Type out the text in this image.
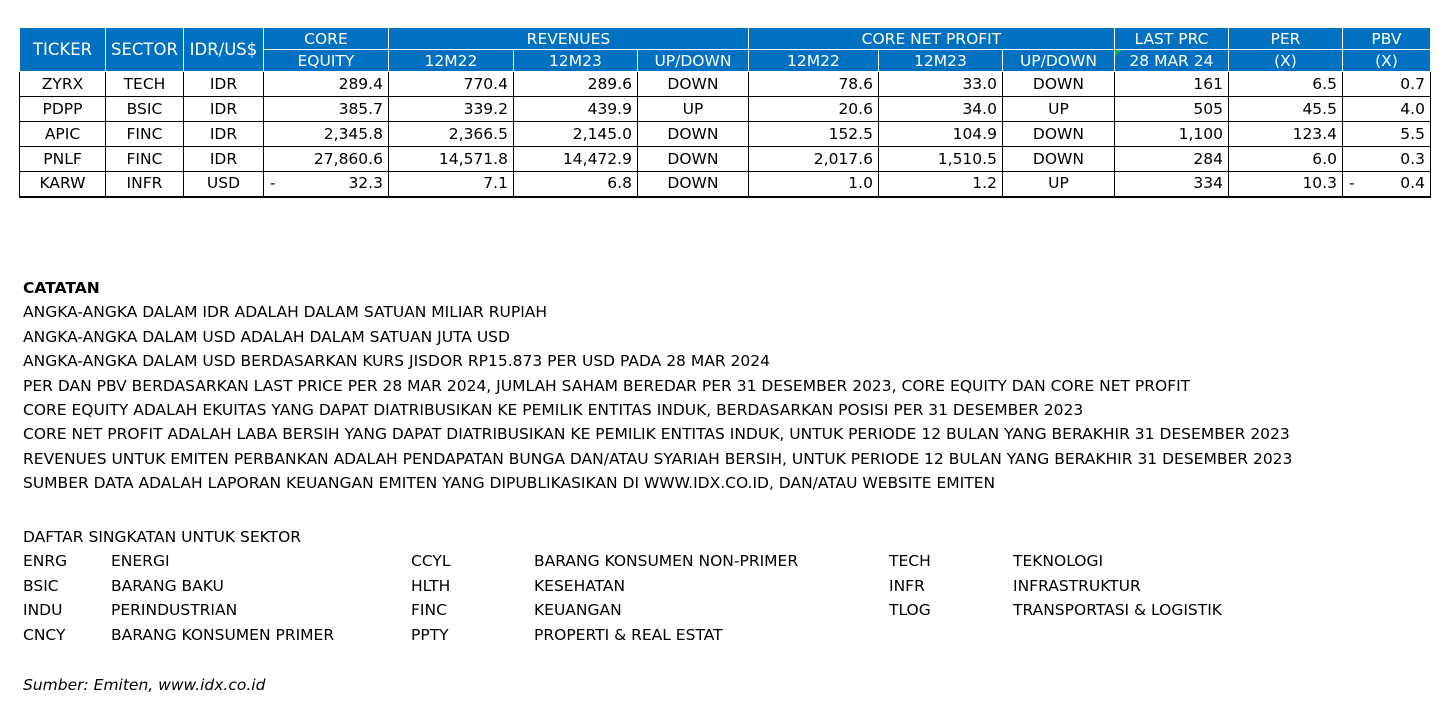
TICKER	SECTOR	IDR/US$	CORE	REVENUES			CORE NET PROFIT			LAST PRC	PER	PBV
			EQUITY	12M22	12M23	UP/DOWN	12M22	12M23	UP/DOWN	28 MAR 24	(X)	(X)
ZYRX	TECH	IDR	289.4	770.4	289.6	DOWN	78.6	33.0	DOWN	161	6.5	0.7
PDPP	BSIC	IDR	385.7	339.2	439.9	UP	20.6	34.0	UP	505	45.5	4.0
APIC	FINC	IDR	2,345.8	2,366.5	2,145.0	DOWN	152.5	104.9	DOWN	1,100	123.4	5.5
PNLF	FINC	IDR	27,860.6	14,571.8	14,472.9	DOWN	2,017.6	1,510.5	DOWN	284	6.0	0.3
KARW	INFR	USD	- 32.3	7.1	6.8	DOWN	1.0	1.2	UP	334	10.3	- 0.4
CATATAN
ANGKA-ANGKA DALAM IDR ADALAH DALAM SATUAN MILIAR RUPIAH
ANGKA-ANGKA DALAM USD ADALAH DALAM SATUAN JUTA USD
ANGKA-ANGKA DALAM USD BERDASARKAN KURS JISDOR RP15.873 PER USD PADA 28 MAR 2024
PER DAN PBV BERDASARKAN LAST PRICE PER 28 MAR 2024, JUMLAH SAHAM BEREDAR PER 31 DESEMBER 2023, CORE EQUITY DAN CORE NET PROFIT
CORE EQUITY ADALAH EKUITAS YANG DAPAT DIATRIBUSIKAN KE PEMILIK ENTITAS INDUK, BERDASARKAN POSISI PER 31 DESEMBER 2023
CORE NET PROFIT ADALAH LABA BERSIH YANG DAPAT DIATRIBUSIKAN KE PEMILIK ENTITAS INDUK, UNTUK PERIODE 12 BULAN YANG BERAKHIR 31 DESEMBER 2023
REVENUES UNTUK EMITEN PERBANKAN ADALAH PENDAPATAN BUNGA DAN/ATAU SYARIAH BERSIH, UNTUK PERIODE 12 BULAN YANG BERAKHIR 31 DESEMBER 2023
SUMBER DATA ADALAH LAPORAN KEUANGAN EMITEN YANG DIPUBLIKASIKAN DI WWW.IDX.CO.ID, DAN/ATAU WEBSITE EMITEN
DAFTAR SINGKATAN UNTUK SEKTOR
ENRG	ENERGI
BSIC	BARANG BAKU
INDU	PERINDUSTRIAN
CNCY	BARANG KONSUMEN PRIMER
CCYL	BARANG KONSUMEN NON-PRIMER
HLTH	KESEHATAN
FINC	KEUANGAN
PPTY	PROPERTI & REAL ESTAT
TECH	TEKNOLOGI
INFR	INFRASTRUKTUR
TLOG	TRANSPORTASI & LOGISTIK
Sumber: Emiten, www.idx.co.id
